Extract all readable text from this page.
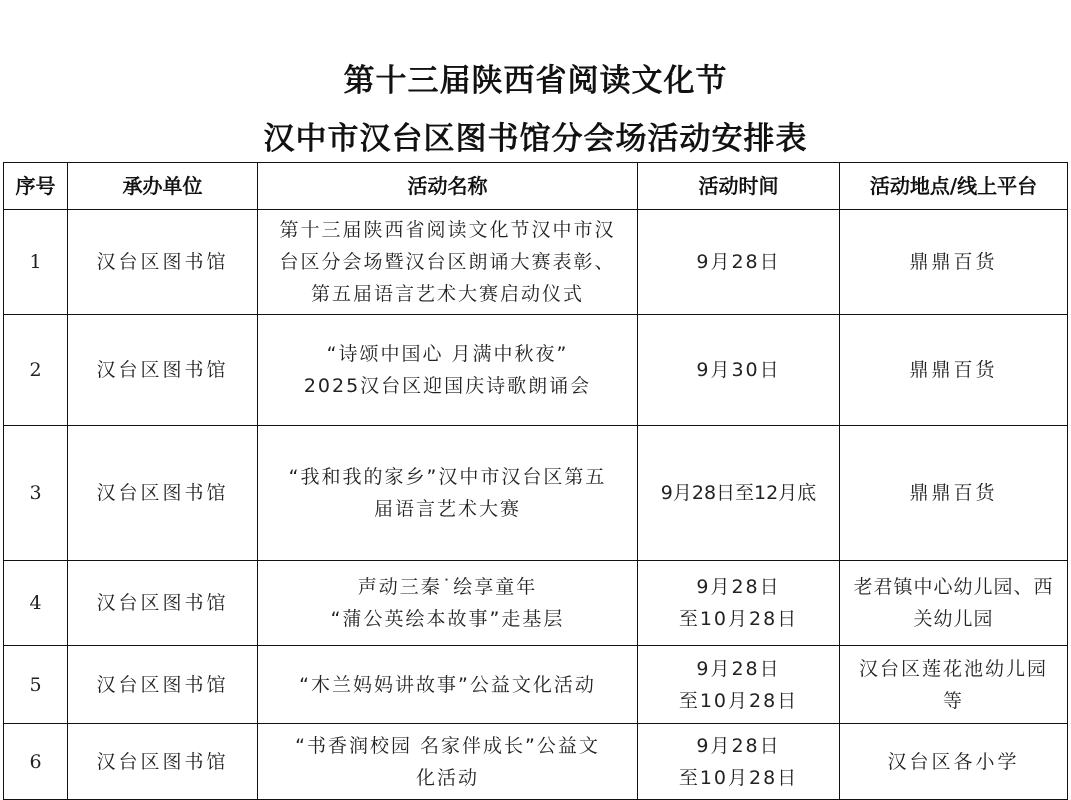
第十三届陕西省阅读文化节
汉中市汉台区图书馆分会场活动安排表
序号	承办单位	活动名称	活动时间	活动地点/线上平台
1	汉台区图书馆	第十三届陕西省阅读文化节汉中市汉
台区分会场暨汉台区朗诵大赛表彰、
第五届语言艺术大赛启动仪式	9月28日	鼎鼎百货

2	汉台区图书馆	“诗颂中国心 月满中秋夜”
2025汉台区迎国庆诗歌朗诵会	9月30日	鼎鼎百货

3	汉台区图书馆	“我和我的家乡”汉中市汉台区第五
届语言艺术大赛	9月28日至12月底	鼎鼎百货

4	汉台区图书馆	声动三秦˙绘享童年
“蒲公英绘本故事”走基层	9月28日
至10月28日	老君镇中心幼儿园、西
关幼儿园

5	汉台区图书馆	“木兰妈妈讲故事”公益文化活动	9月28日
至10月28日	汉台区莲花池幼儿园
等

6	汉台区图书馆	“书香润校园 名家伴成长”公益文
化活动	9月28日
至10月28日	汉台区各小学
